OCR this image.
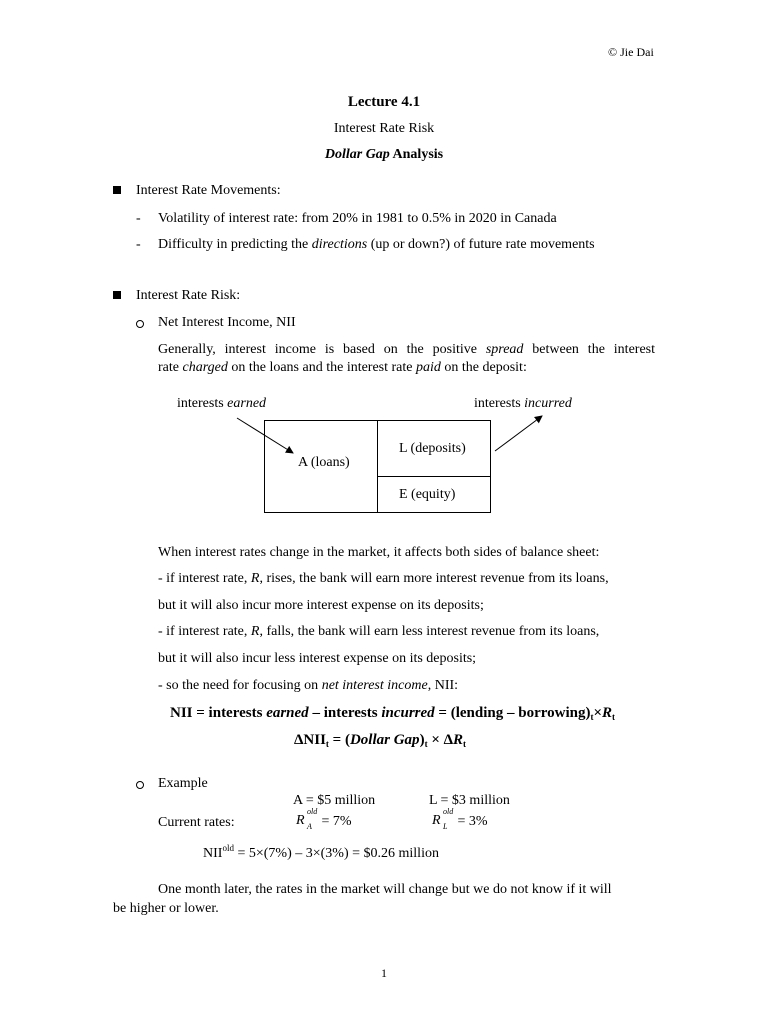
© Jie Dai
Lecture 4.1
Interest Rate Risk
Dollar Gap Analysis
Interest Rate Movements:
- Volatility of interest rate: from 20% in 1981 to 0.5% in 2020 in Canada
- Difficulty in predicting the directions (up or down?) of future rate movements
Interest Rate Risk:
Net Interest Income, NII
Generally, interest income is based on the positive spread between the interest
rate charged on the loans and the interest rate paid on the deposit:
interests earned	interests incurred
A (loans)
L (deposits)
E (equity)
When interest rates change in the market, it affects both sides of balance sheet:
- if interest rate, R, rises, the bank will earn more interest revenue from its loans,
but it will also incur more interest expense on its deposits;
- if interest rate, R, falls, the bank will earn less interest revenue from its loans,
but it will also incur less interest expense on its deposits;
- so the need for focusing on net interest income, NII:
NII = interests earned – interests incurred = (lending – $borrowing)_t\times R_t$
$\Delta NII_t$ = (Dollar $Gap)_t \times \Delta R_t$
Example
A = $5 million	L = $3 million
Current rates:	R
old
A = 7%	R
old
L = 3%
$NII^{old} = 5\times(7\%) - 3\times(3\%)$ = $0.26 million
One month later, the rates in the market will change but we do not know if it will
be higher or lower.
1
